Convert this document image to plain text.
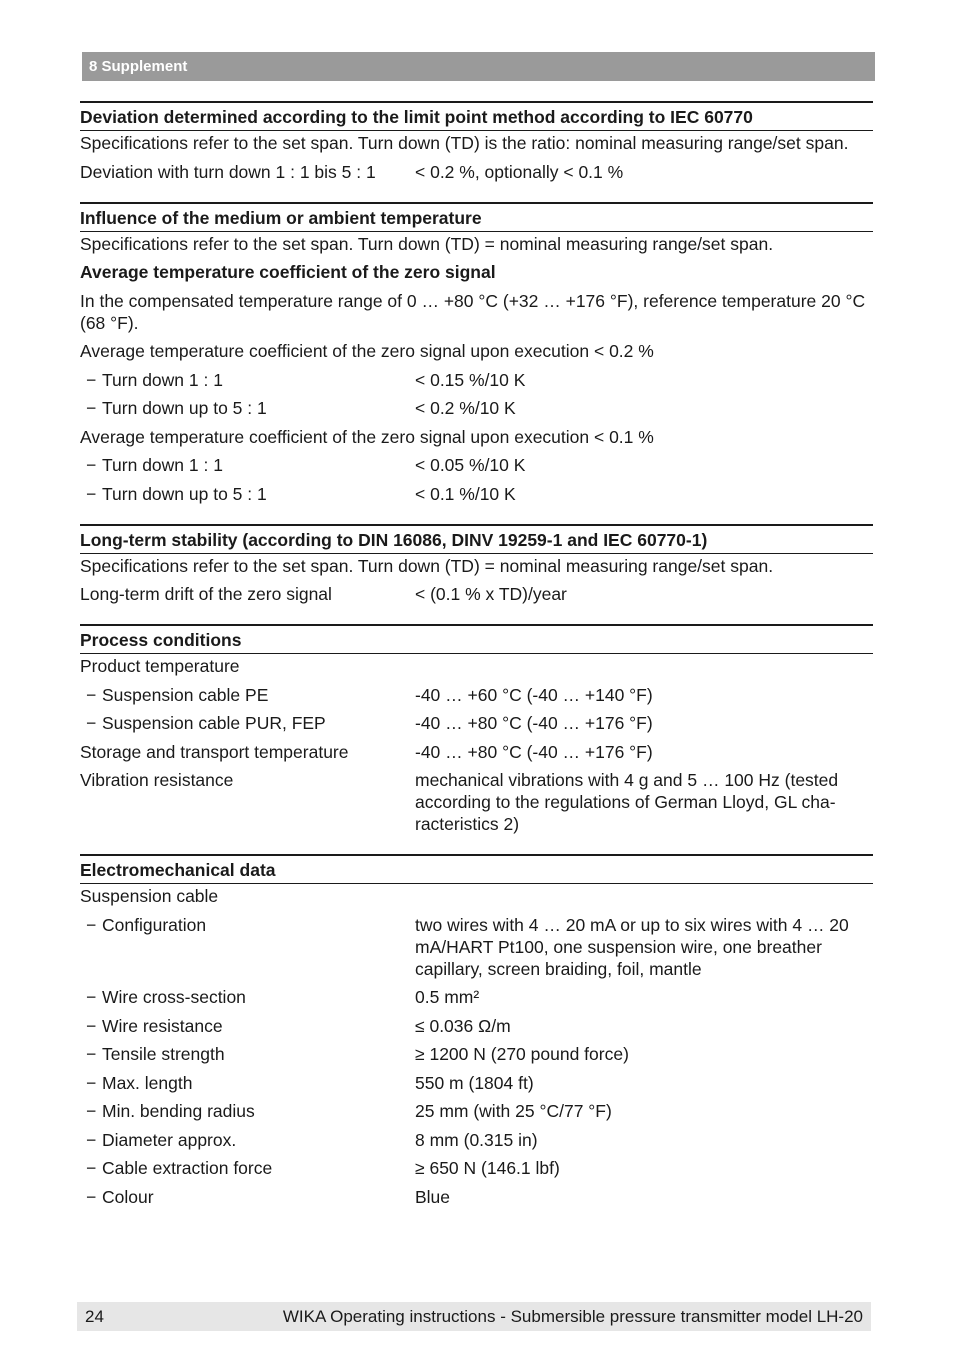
8 Supplement
Deviation determined according to the limit point method according to IEC 60770
Specifications refer to the set span. Turn down (TD) is the ratio: nominal measuring range/set span.
Deviation with turn down 1 : 1 bis 5 : 1	< 0.2 %, optionally < 0.1 %
Influence of the medium or ambient temperature
Specifications refer to the set span. Turn down (TD) = nominal measuring range/set span.
Average temperature coefficient of the zero signal
In the compensated temperature range of 0 … +80 °C (+32 … +176 °F), reference temperature 20 °C (68 °F).
Average temperature coefficient of the zero signal upon execution < 0.2 %
− Turn down 1 : 1	< 0.15 %/10 K
− Turn down up to 5 : 1	< 0.2 %/10 K
Average temperature coefficient of the zero signal upon execution < 0.1 %
− Turn down 1 : 1	< 0.05 %/10 K
− Turn down up to 5 : 1	< 0.1 %/10 K
Long-term stability (according to DIN 16086, DINV 19259-1 and IEC 60770-1)
Specifications refer to the set span. Turn down (TD) = nominal measuring range/set span.
Long-term drift of the zero signal	< (0.1 % x TD)/year
Process conditions
Product temperature
− Suspension cable PE	-40 … +60 °C (-40 … +140 °F)
− Suspension cable PUR, FEP	-40 … +80 °C (-40 … +176 °F)
Storage and transport temperature	-40 … +80 °C (-40 … +176 °F)
Vibration resistance	mechanical vibrations with 4 g and 5 … 100 Hz (tested according to the regulations of German Lloyd, GL cha-racteristics 2)
Electromechanical data
Suspension cable
− Configuration	two wires with 4 … 20 mA or up to six wires with 4 … 20 mA/HART Pt100, one suspension wire, one breather capillary, screen braiding, foil, mantle
− Wire cross-section	0.5 mm²
− Wire resistance	≤ 0.036 Ω/m
− Tensile strength	≥ 1200 N (270 pound force)
− Max. length	550 m (1804 ft)
− Min. bending radius	25 mm (with 25 °C/77 °F)
− Diameter approx.	8 mm (0.315 in)
− Cable extraction force	≥ 650 N (146.1 lbf)
− Colour	Blue
24	WIKA Operating instructions - Submersible pressure transmitter model LH-20
